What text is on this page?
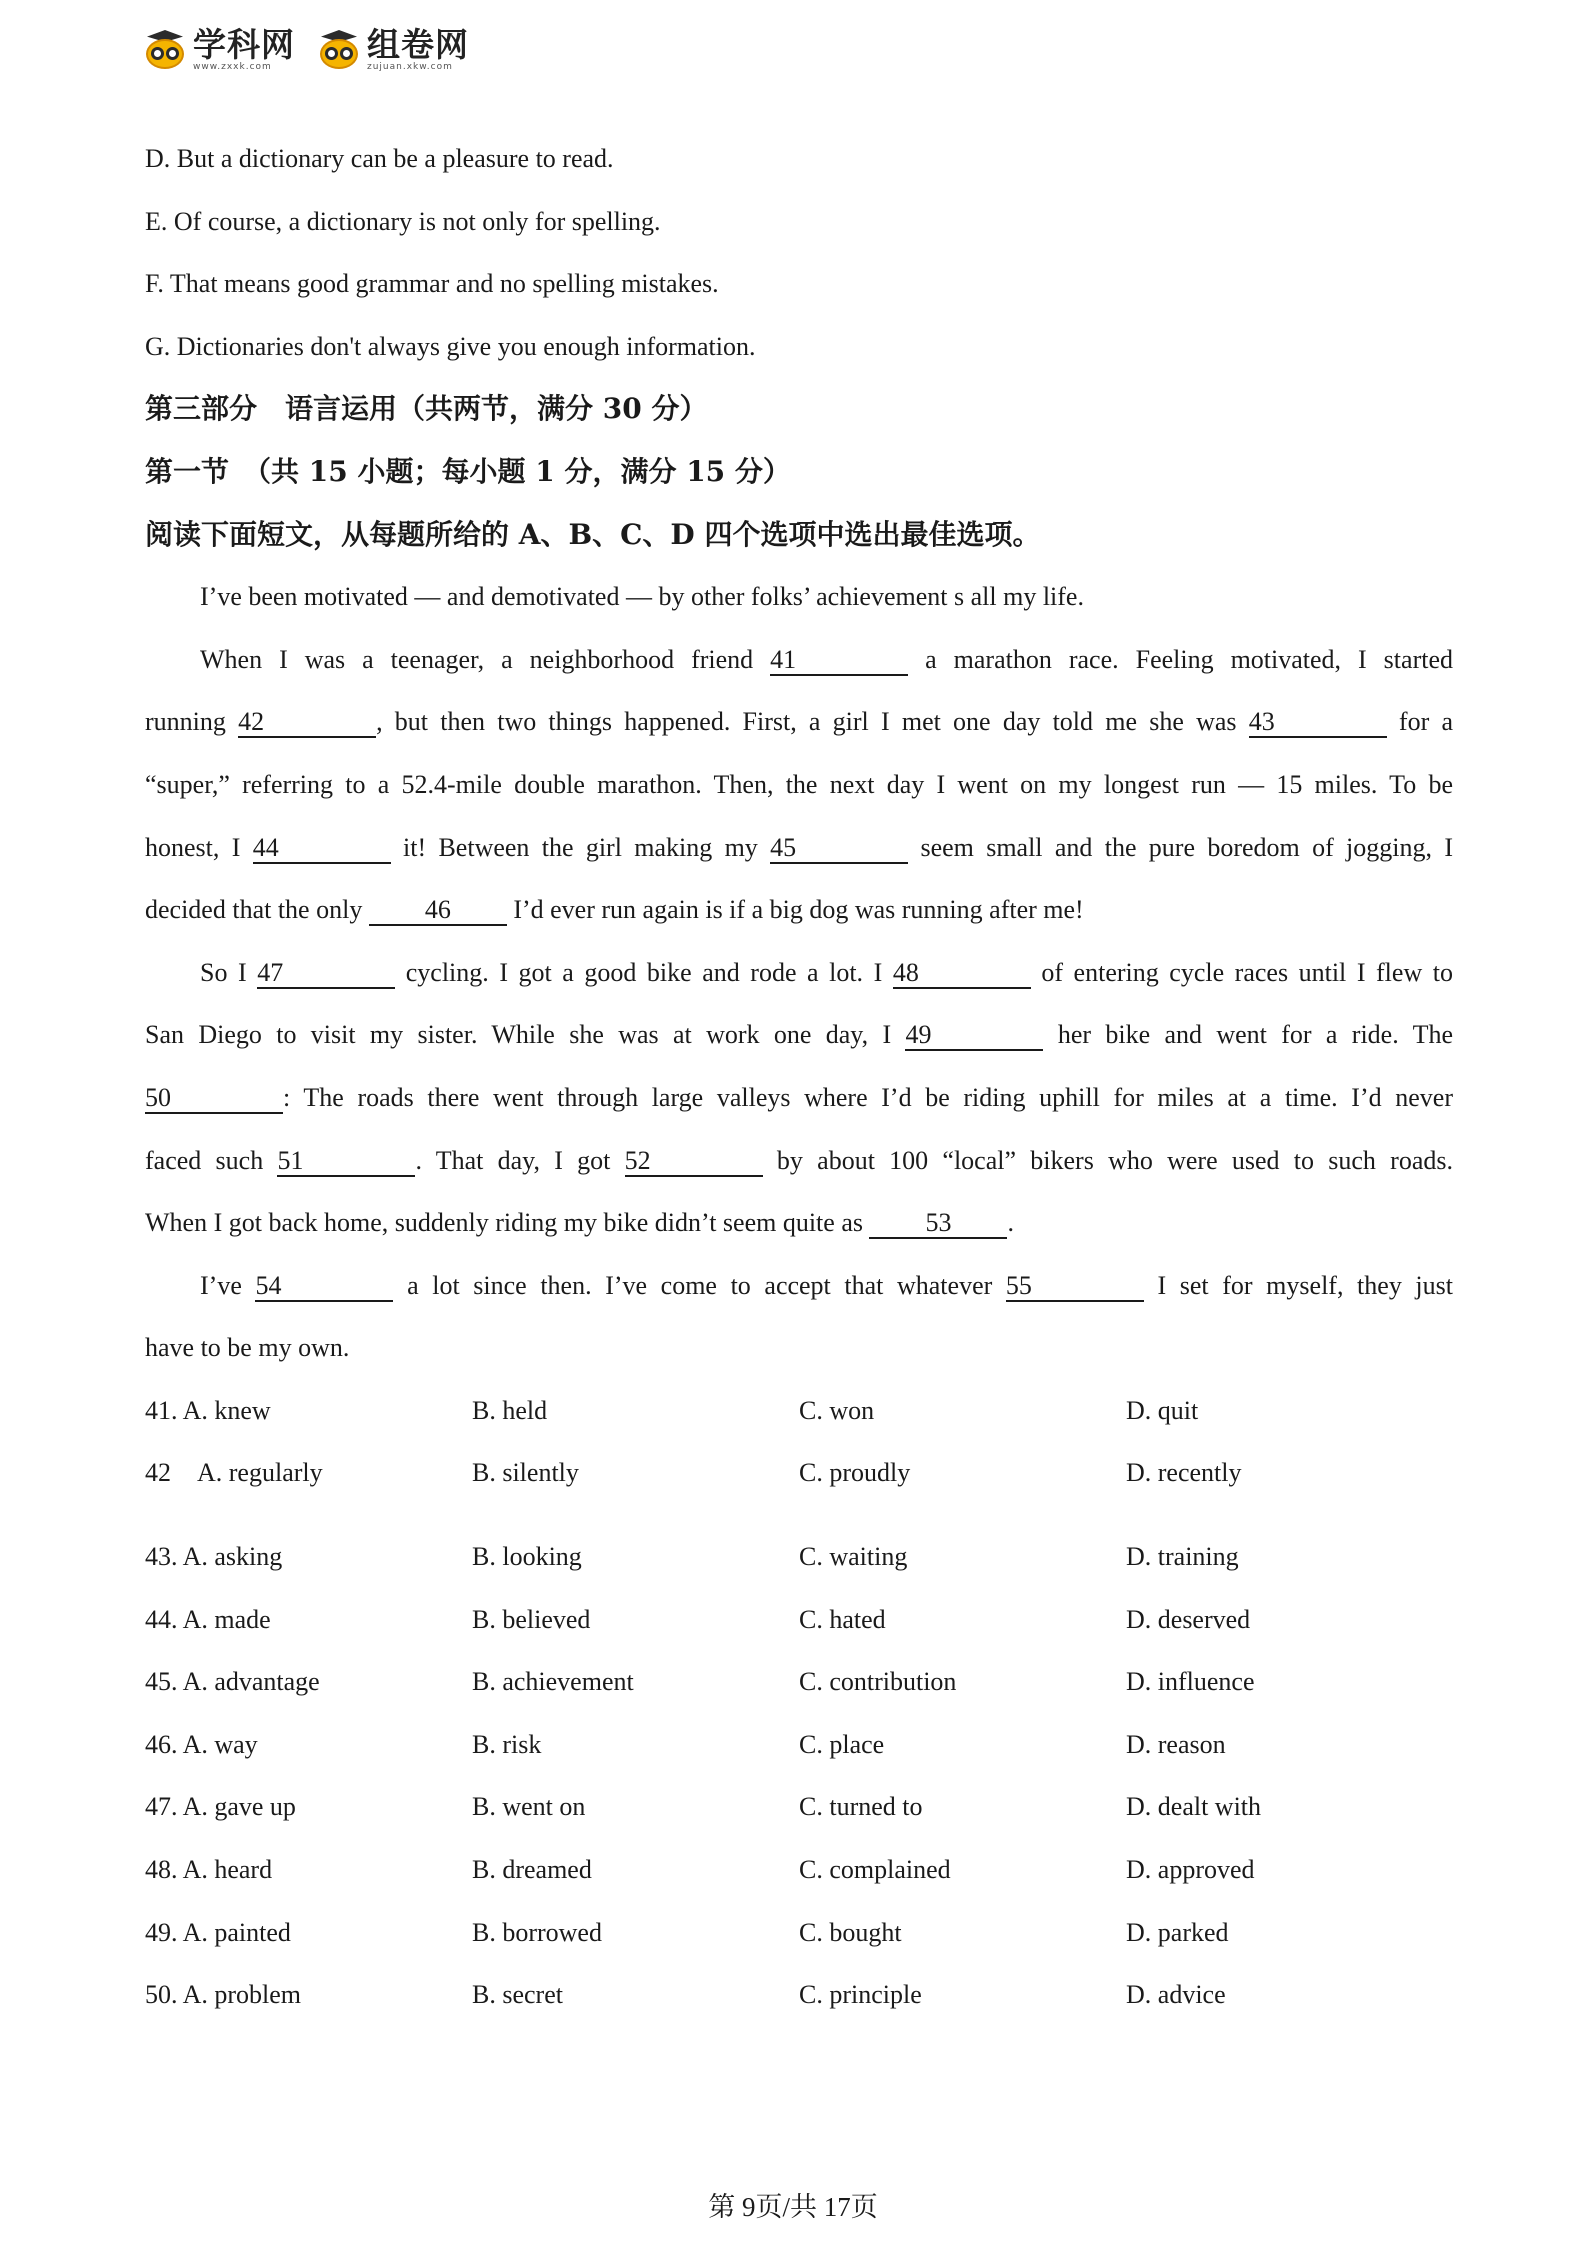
学科网
www.zxxk.com
组卷网
zujuan.xkw.com
D. But a dictionary can be a pleasure to read.
E. Of course, a dictionary is not only for spelling.
F. That means good grammar and no spelling mistakes.
G. Dictionaries don't always give you enough information.
第三部分　语言运用（共两节，满分 30 分）
第一节　（共 15 小题；每小题 1 分，满分 15 分）
阅读下面短文，从每题所给的 A、B、C、D 四个选项中选出最佳选项。
I’ve been motivated — and demotivated — by other folks’ achievement s all my life.
When I was a teenager, a neighborhood friend 41	a marathon race. Feeling motivated, I started
running 42	, but then two things happened. First, a girl I met one day told me she was 43	for a
“super,” referring to a 52.4-mile double marathon. Then, the next day I went on my longest run — 15 miles. To be
honest, I 44	it! Between the girl making my 45	seem small and the pure boredom of jogging, I
decided that the only 46 I’d ever run again is if a big dog was running after me!
So I 47	cycling. I got a good bike and rode a lot. I 48	of entering cycle races until I flew to
San Diego to visit my sister. While she was at work one day, I 49	her bike and went for a ride. The
50	: The roads there went through large valleys where I’d be riding uphill for miles at a time. I’d never
faced such 51	. That day, I got 52	by about 100 “local” bikers who were used to such roads.
When I got back home, suddenly riding my bike didn’t seem quite as 53 .
I’ve 54	a lot since then. I’ve come to accept that whatever 55	I set for myself, they just
have to be my own.
41. A. knew	B. held	C. won	D. quit
42　A. regularly	B. silently	C. proudly	D. recently
43. A. asking	B. looking	C. waiting	D. training
44. A. made	B. believed	C. hated	D. deserved
45. A. advantage	B. achievement	C. contribution	D. influence
46. A. way	B. risk	C. place	D. reason
47. A. gave up	B. went on	C. turned to	D. dealt with
48. A. heard	B. dreamed	C. complained	D. approved
49. A. painted	B. borrowed	C. bought	D. parked
50. A. problem	B. secret	C. principle	D. advice
第 9页/共 17页
